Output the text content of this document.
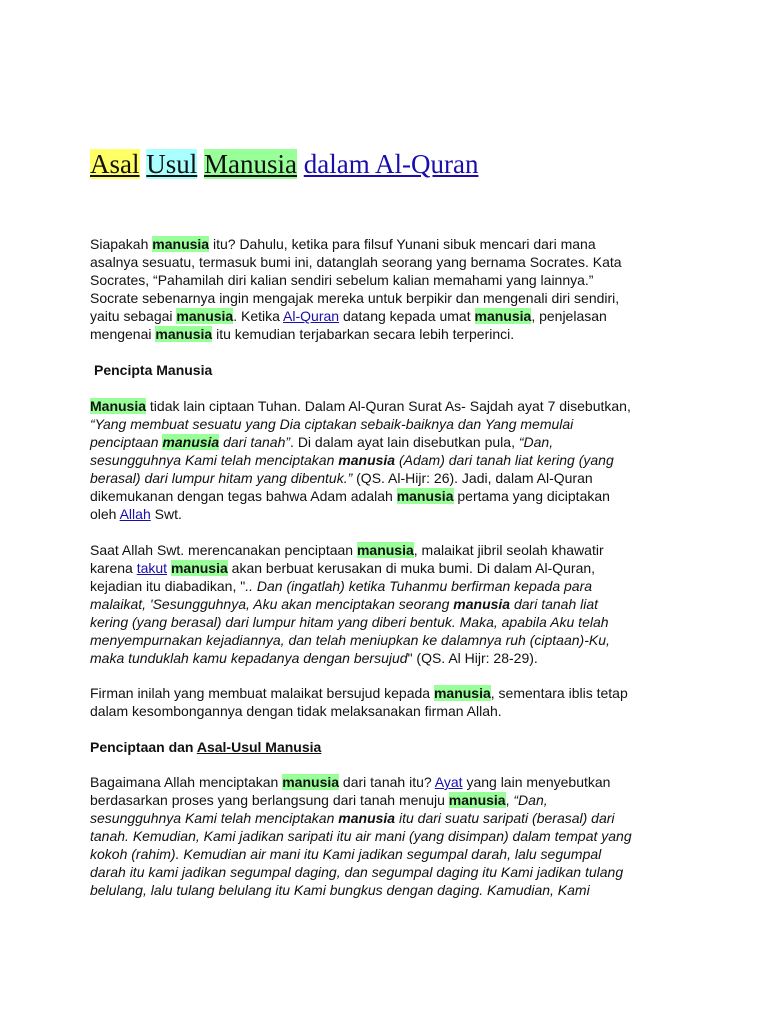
Asal Usul Manusia dalam Al-Quran
Siapakah manusia itu? Dahulu, ketika para filsuf Yunani sibuk mencari dari mana
asalnya sesuatu, termasuk bumi ini, datanglah seorang yang bernama Socrates. Kata
Socrates, “Pahamilah diri kalian sendiri sebelum kalian memahami yang lainnya.”
Socrate sebenarnya ingin mengajak mereka untuk berpikir dan mengenali diri sendiri,
yaitu sebagai manusia. Ketika Al-Quran datang kepada umat manusia, penjelasan
mengenai manusia itu kemudian terjabarkan secara lebih terperinci.
Pencipta Manusia
Manusia tidak lain ciptaan Tuhan. Dalam Al-Quran Surat As- Sajdah ayat 7 disebutkan,
“Yang membuat sesuatu yang Dia ciptakan sebaik-baiknya dan Yang memulai
penciptaan manusia dari tanah”. Di dalam ayat lain disebutkan pula, “Dan,
sesungguhnya Kami telah menciptakan manusia (Adam) dari tanah liat kering (yang
berasal) dari lumpur hitam yang dibentuk.” (QS. Al-Hijr: 26). Jadi, dalam Al-Quran
dikemukanan dengan tegas bahwa Adam adalah manusia pertama yang diciptakan
oleh Allah Swt.
Saat Allah Swt. merencanakan penciptaan manusia, malaikat jibril seolah khawatir
karena takut manusia akan berbuat kerusakan di muka bumi. Di dalam Al-Quran,
kejadian itu diabadikan, ".. Dan (ingatlah) ketika Tuhanmu berfirman kepada para
malaikat, 'Sesungguhnya, Aku akan menciptakan seorang manusia dari tanah liat
kering (yang berasal) dari lumpur hitam yang diberi bentuk. Maka, apabila Aku telah
menyempurnakan kejadiannya, dan telah meniupkan ke dalamnya ruh (ciptaan)-Ku,
maka tunduklah kamu kepadanya dengan bersujud" (QS. Al Hijr: 28-29).
Firman inilah yang membuat malaikat bersujud kepada manusia, sementara iblis tetap
dalam kesombongannya dengan tidak melaksanakan firman Allah.
Penciptaan dan Asal-Usul Manusia
Bagaimana Allah menciptakan manusia dari tanah itu? Ayat yang lain menyebutkan
berdasarkan proses yang berlangsung dari tanah menuju manusia, “Dan,
sesungguhnya Kami telah menciptakan manusia itu dari suatu saripati (berasal) dari
tanah. Kemudian, Kami jadikan saripati itu air mani (yang disimpan) dalam tempat yang
kokoh (rahim). Kemudian air mani itu Kami jadikan segumpal darah, lalu segumpal
darah itu kami jadikan segumpal daging, dan segumpal daging itu Kami jadikan tulang
belulang, lalu tulang belulang itu Kami bungkus dengan daging. Kamudian, Kami
